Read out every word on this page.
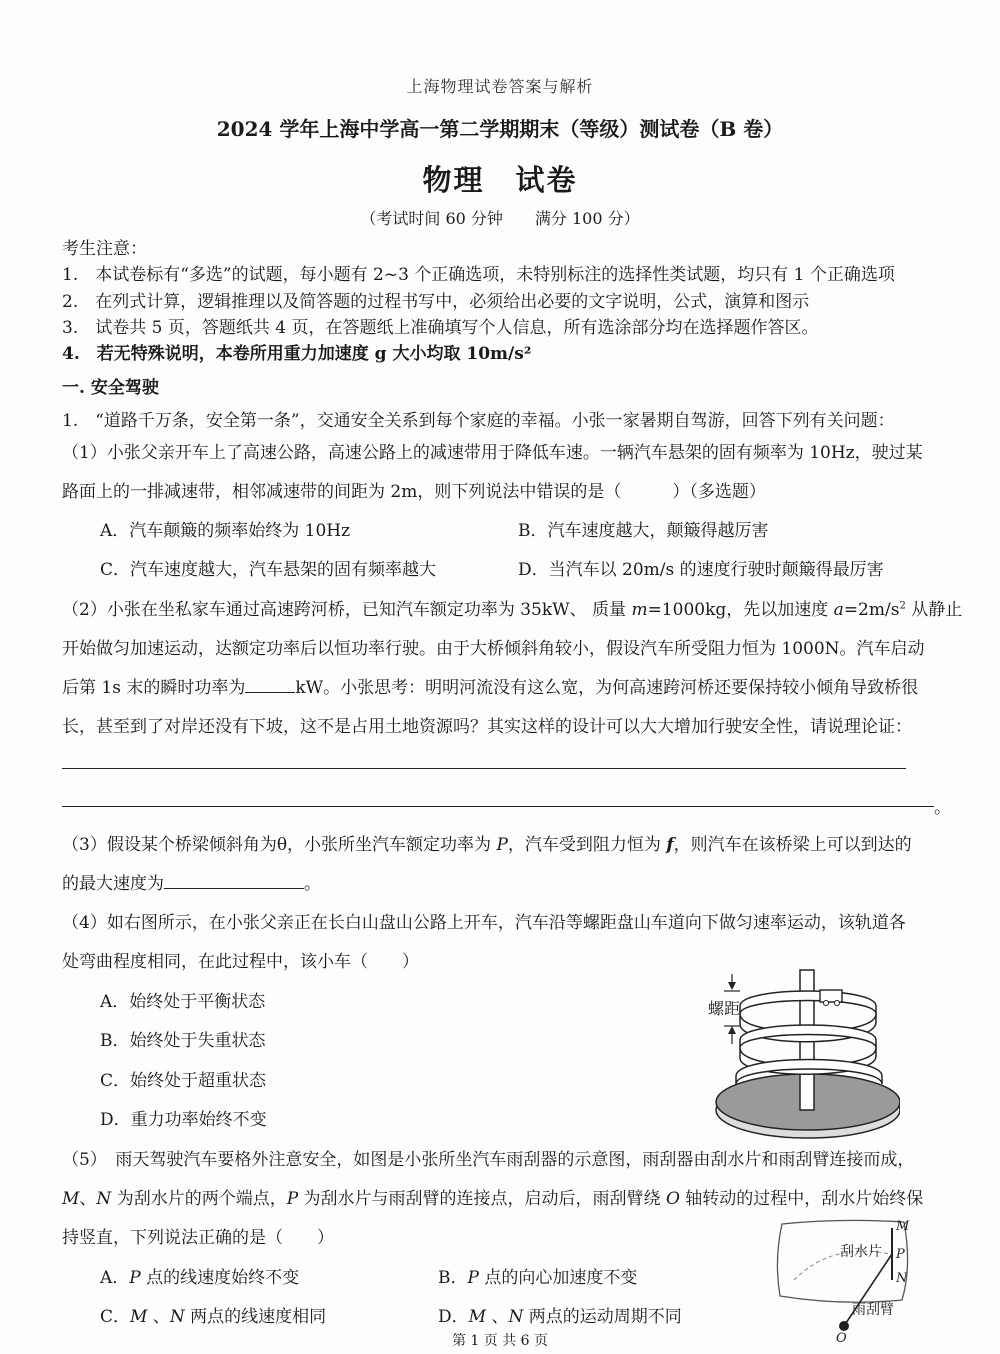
上海物理试卷答案与解析
2024 学年上海中学高一第二学期期末（等级）测试卷（B 卷）
物理　试卷
（考试时间 60 分钟　　满分 100 分）
考生注意：
1.　本试卷标有“多选”的试题，每小题有 2~3 个正确选项，未特别标注的选择性类试题，均只有 1 个正确选项
2.　在列式计算，逻辑推理以及简答题的过程书写中，必须给出必要的文字说明，公式，演算和图示
3.　试卷共 5 页，答题纸共 4 页，在答题纸上准确填写个人信息，所有选涂部分均在选择题作答区。
4.　若无特殊说明，本卷所用重力加速度 g 大小均取 10m/s²
一. 安全驾驶
1.　“道路千万条，安全第一条”，交通安全关系到每个家庭的幸福。小张一家暑期自驾游，回答下列有关问题：
（1）小张父亲开车上了高速公路，高速公路上的减速带用于降低车速。一辆汽车悬架的固有频率为 10Hz，驶过某
路面上的一排减速带，相邻减速带的间距为 2m，则下列说法中错误的是（　　　）（多选题）
A．汽车颠簸的频率始终为 10Hz	B．汽车速度越大，颠簸得越厉害
C．汽车速度越大，汽车悬架的固有频率越大	D．当汽车以 20m/s 的速度行驶时颠簸得最厉害
（2）小张在坐私家车通过高速跨河桥，已知汽车额定功率为 35kW、 质量 m=1000kg，先以加速度 $a=2m/s^2$ 从静止
开始做匀加速运动，达额定功率后以恒功率行驶。由于大桥倾斜角较小，假设汽车所受阻力恒为 1000N。汽车启动
后第 1s 末的瞬时功率为	kW。小张思考：明明河流没有这么宽，为何高速跨河桥还要保持较小倾角导致桥很
长，甚至到了对岸还没有下坡，这不是占用土地资源吗？其实这样的设计可以大大增加行驶安全性，请说理论证：
。
（3）假设某个桥梁倾斜角为θ，小张所坐汽车额定功率为 P，汽车受到阻力恒为 f，则汽车在该桥梁上可以到达的
的最大速度为	。
（4）如右图所示，在小张父亲正在长白山盘山公路上开车，汽车沿等螺距盘山车道向下做匀速率运动，该轨道各
处弯曲程度相同，在此过程中，该小车（　　）
A．始终处于平衡状态
B．始终处于失重状态
C．始终处于超重状态
D．重力功率始终不变
螺距
（5）　雨天驾驶汽车要格外注意安全，如图是小张所坐汽车雨刮器的示意图，雨刮器由刮水片和雨刮臂连接而成，
M、N 为刮水片的两个端点，P 为刮水片与雨刮臂的连接点，启动后，雨刮臂绕 O 轴转动的过程中，刮水片始终保
持竖直，下列说法正确的是（　　）
A．P 点的线速度始终不变	B．P 点的向心加速度不变
C．M 、N 两点的线速度相同	D．M 、N 两点的运动周期不同
M
P
N
刮水片
雨刮臂
O
第 1 页 共 6 页
